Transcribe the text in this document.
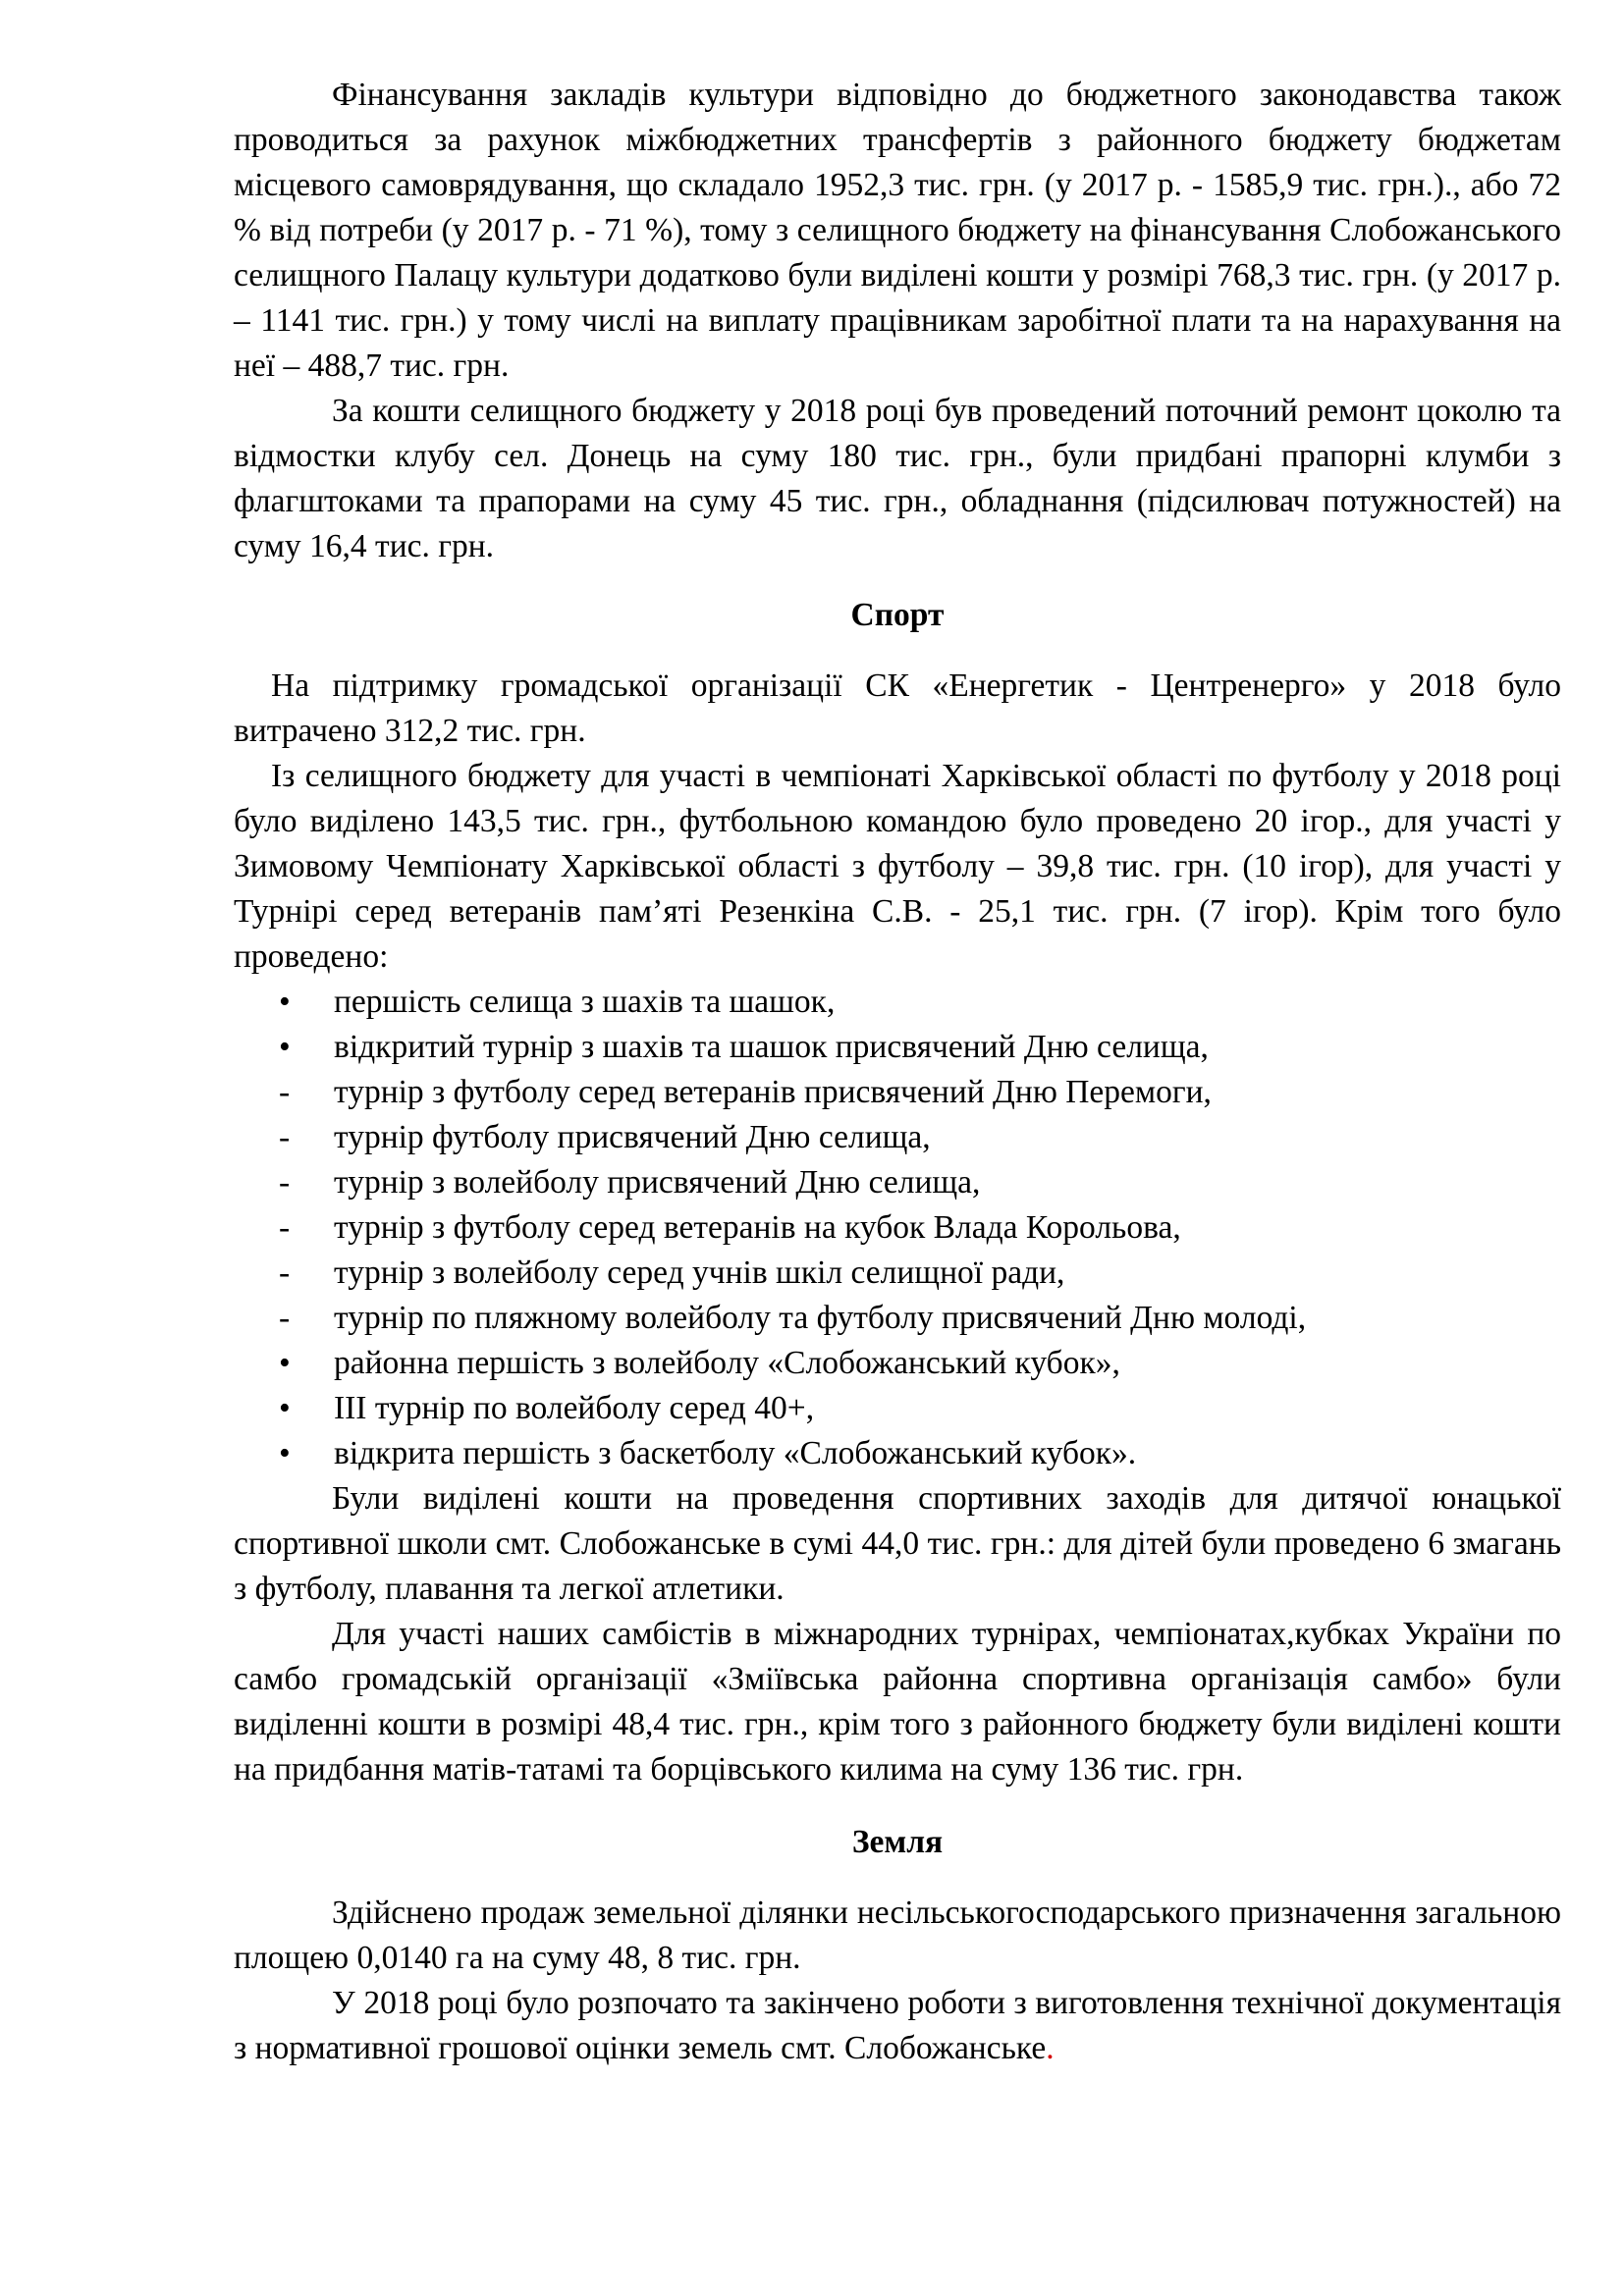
Фінансування закладів культури відповідно до бюджетного законодавства також проводиться за рахунок міжбюджетних трансфертів з районного бюджету бюджетам місцевого самоврядування, що складало 1952,3 тис. грн. (у 2017 р. - 1585,9 тис. грн.)., або 72 % від потреби (у 2017 р. - 71 %), тому з селищного бюджету на фінансування Слобожанського селищного Палацу культури додатково були виділені кошти у розмірі 768,3 тис. грн. (у 2017 р. – 1141 тис. грн.) у тому числі на виплату працівникам заробітної плати та на нарахування на неї – 488,7 тис. грн.

За кошти селищного бюджету у 2018 році був проведений поточний ремонт цоколю та відмостки клубу сел. Донець на суму 180 тис. грн., були придбані прапорні клумби з флагштоками та прапорами на суму 45 тис. грн., обладнання (підсилювач потужностей) на суму 16,4 тис. грн.

Спорт

На підтримку громадської організації СК «Енергетик - Центренерго» у 2018 було витрачено 312,2 тис. грн.

Із селищного бюджету для участі в чемпіонаті Харківської області по футболу у 2018 році було виділено 143,5 тис. грн., футбольною командою було проведено 20 ігор., для участі у Зимовому Чемпіонату Харківської області з футболу – 39,8 тис. грн. (10 ігор), для участі у Турнірі серед ветеранів пам’яті Резенкіна С.В. - 25,1 тис. грн. (7 ігор). Крім того було проведено:

•	першість селища з шахів та шашок,
•	відкритий турнір з шахів та шашок присвячений Дню селища,
-	турнір з футболу серед ветеранів присвячений Дню Перемоги,
-	турнір футболу присвячений Дню селища,
-	турнір з волейболу присвячений Дню селища,
-	турнір з футболу серед ветеранів на кубок Влада Корольова,
-	турнір з волейболу серед учнів шкіл селищної ради,
-	турнір по пляжному волейболу та футболу присвячений Дню молоді,
•	районна першість з волейболу «Слобожанський кубок»,
•	ІІІ турнір по волейболу серед 40+,
•	відкрита першість з баскетболу «Слобожанський кубок».

Були виділені кошти на проведення спортивних заходів для дитячої юнацької спортивної школи смт. Слобожанське в сумі 44,0 тис. грн.: для дітей були проведено 6 змагань з футболу, плавання та легкої атлетики.

Для участі наших самбістів в міжнародних турнірах, чемпіонатах,кубках України по самбо громадській організації «Зміївська районна спортивна організація самбо» були виділенні кошти в розмірі 48,4 тис. грн., крім того з районного бюджету були виділені кошти на придбання матів-татамі та борцівського килима на суму 136 тис. грн.

Земля

Здійснено продаж земельної ділянки несільськогосподарського призначення загальною площею 0,0140 га на суму 48, 8 тис. грн.

У 2018 році було розпочато та закінчено роботи з виготовлення технічної документація з нормативної грошової оцінки земель смт. Слобожанське.
